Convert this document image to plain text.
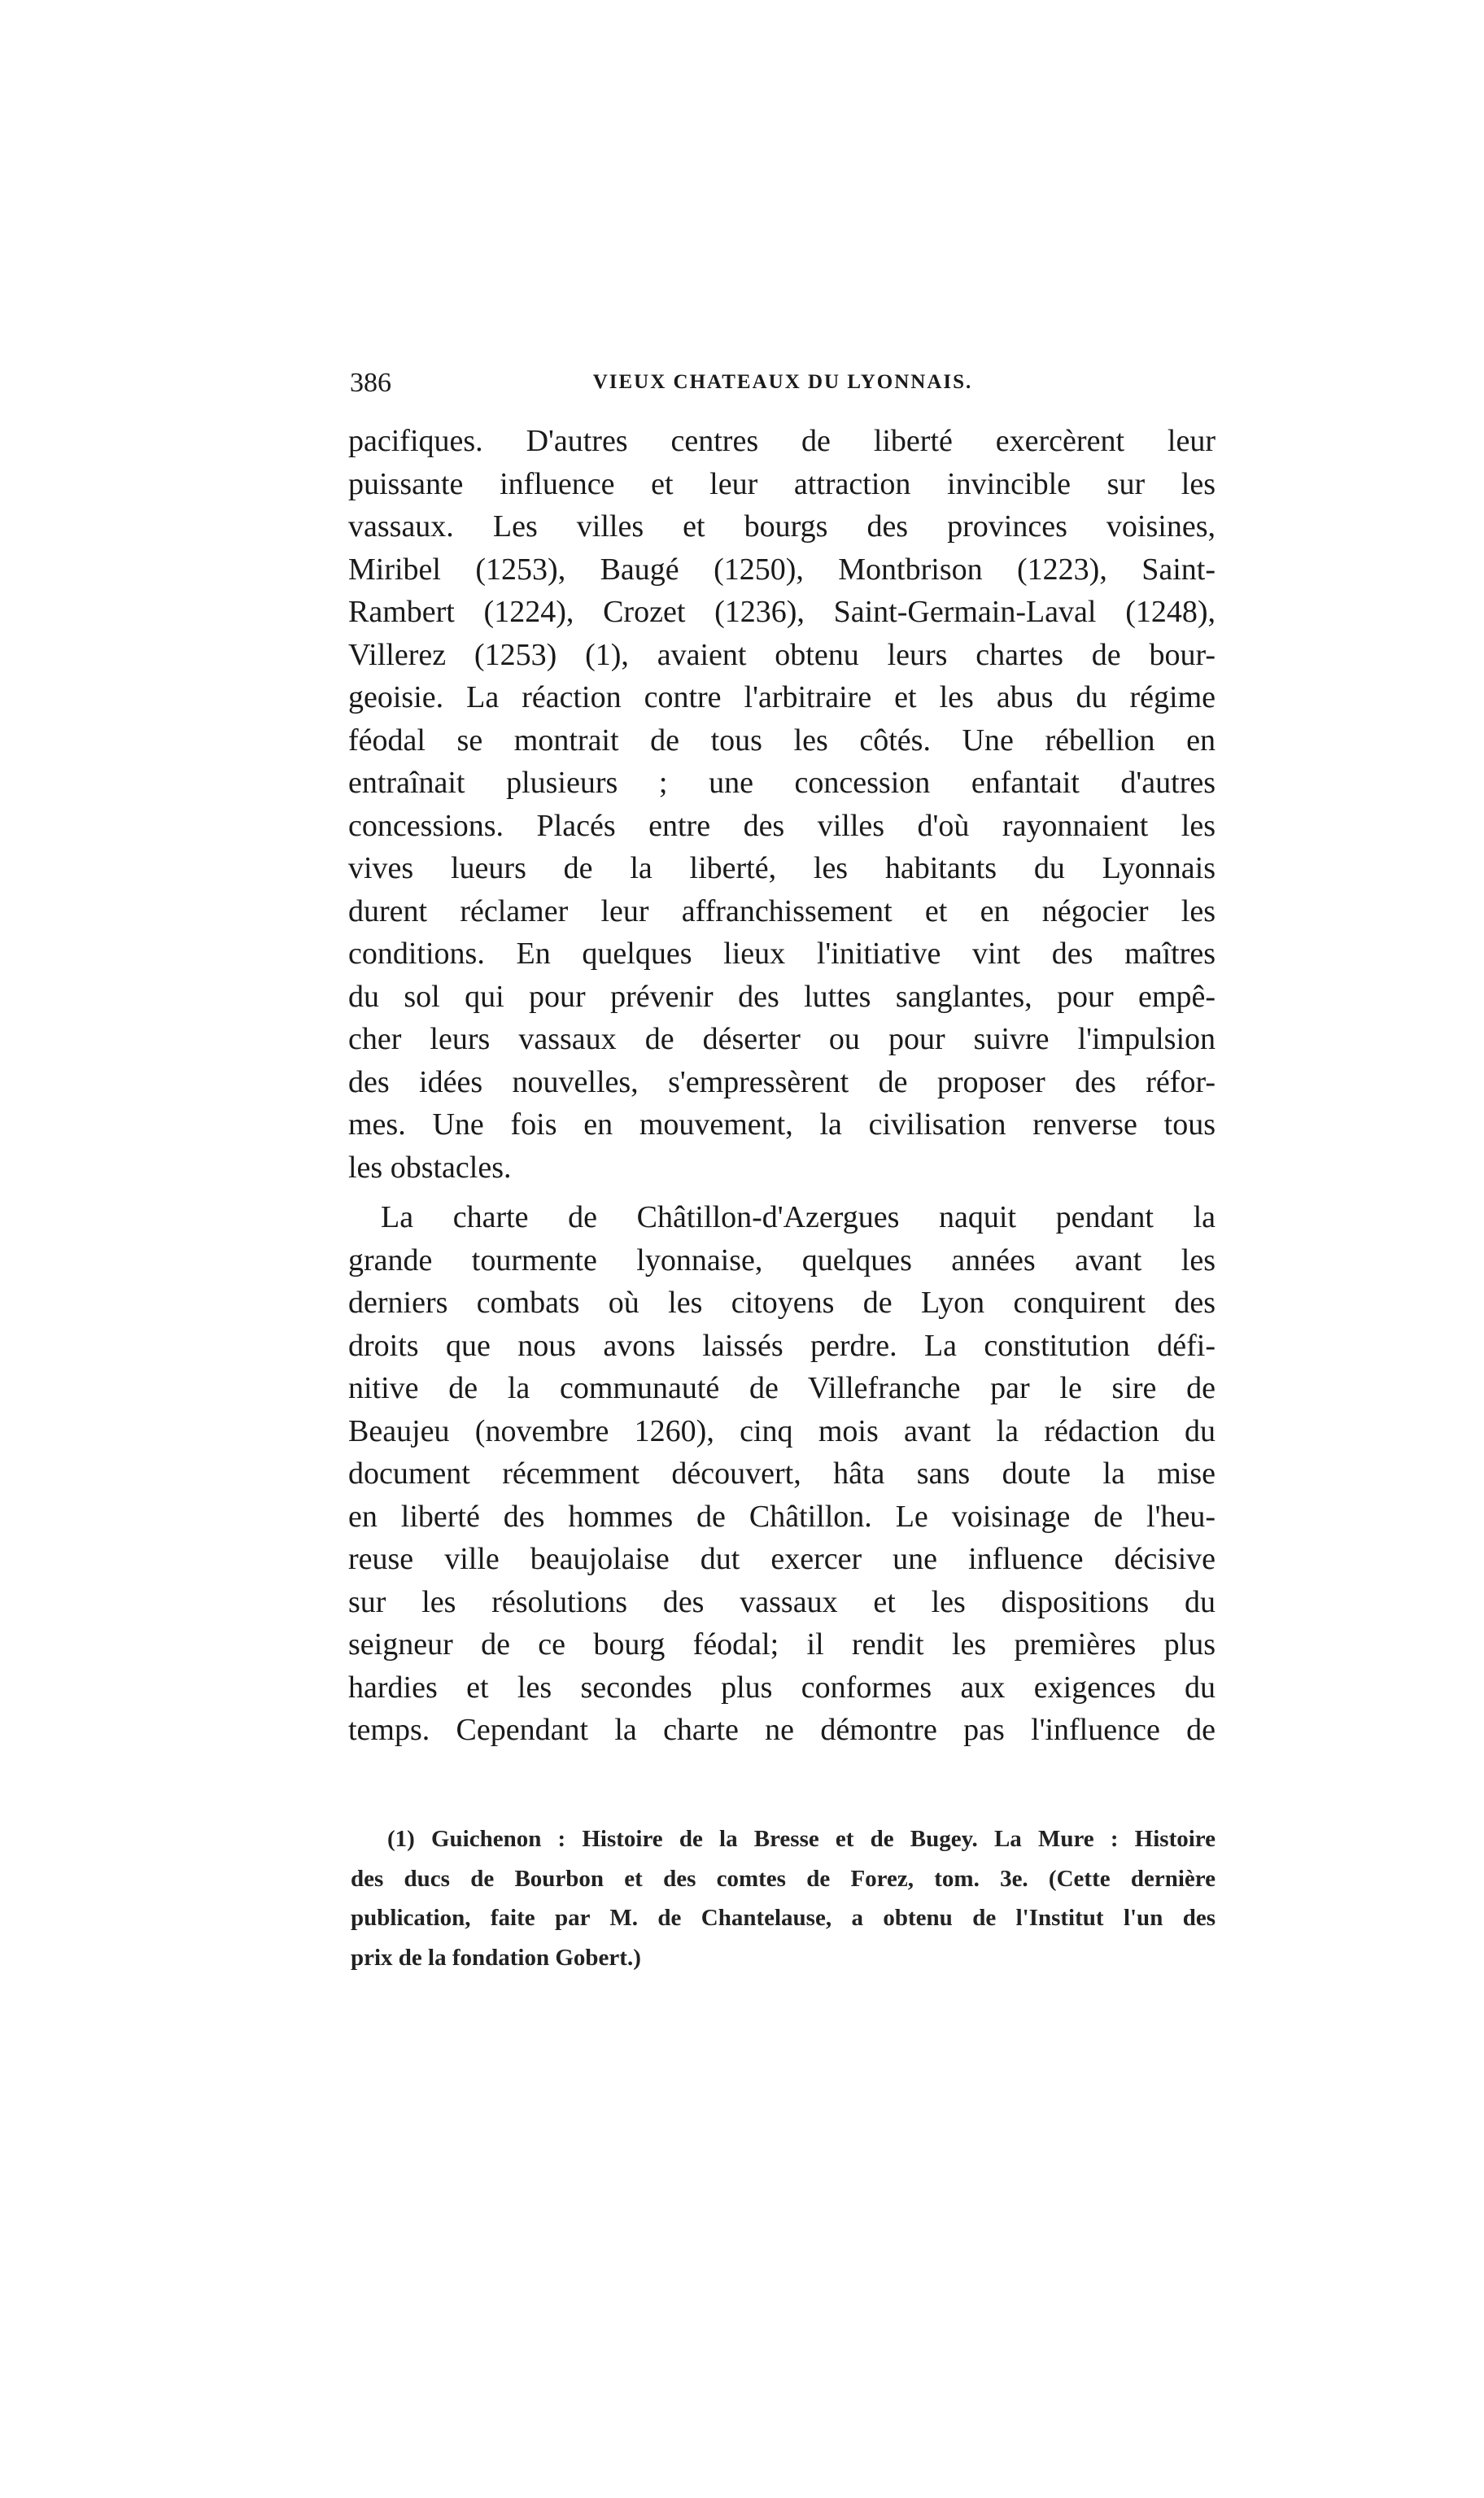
386	VIEUX CHATEAUX DU LYONNAIS.
pacifiques. D'autres centres de liberté exercèrent leur
puissante influence et leur attraction invincible sur les
vassaux. Les villes et bourgs des provinces voisines,
Miribel (1253), Baugé (1250), Montbrison (1223), Saint-
Rambert (1224), Crozet (1236), Saint-Germain-Laval (1248),
Villerez (1253) (1), avaient obtenu leurs chartes de bour-
geoisie. La réaction contre l'arbitraire et les abus du régime
féodal se montrait de tous les côtés. Une rébellion en
entraînait plusieurs ; une concession enfantait d'autres
concessions. Placés entre des villes d'où rayonnaient les
vives lueurs de la liberté, les habitants du Lyonnais
durent réclamer leur affranchissement et en négocier les
conditions. En quelques lieux l'initiative vint des maîtres
du sol qui pour prévenir des luttes sanglantes, pour empê-
cher leurs vassaux de déserter ou pour suivre l'impulsion
des idées nouvelles, s'empressèrent de proposer des réfor-
mes. Une fois en mouvement, la civilisation renverse tous
les obstacles.
La charte de Châtillon-d'Azergues naquit pendant la
grande tourmente lyonnaise, quelques années avant les
derniers combats où les citoyens de Lyon conquirent des
droits que nous avons laissés perdre. La constitution défi-
nitive de la communauté de Villefranche par le sire de
Beaujeu (novembre 1260), cinq mois avant la rédaction du
document récemment découvert, hâta sans doute la mise
en liberté des hommes de Châtillon. Le voisinage de l'heu-
reuse ville beaujolaise dut exercer une influence décisive
sur les résolutions des vassaux et les dispositions du
seigneur de ce bourg féodal; il rendit les premières plus
hardies et les secondes plus conformes aux exigences du
temps. Cependant la charte ne démontre pas l'influence de
(1) Guichenon : Histoire de la Bresse et de Bugey. La Mure : Histoire
des ducs de Bourbon et des comtes de Forez, tom. 3e. (Cette dernière
publication, faite par M. de Chantelause, a obtenu de l'Institut l'un des
prix de la fondation Gobert.)
